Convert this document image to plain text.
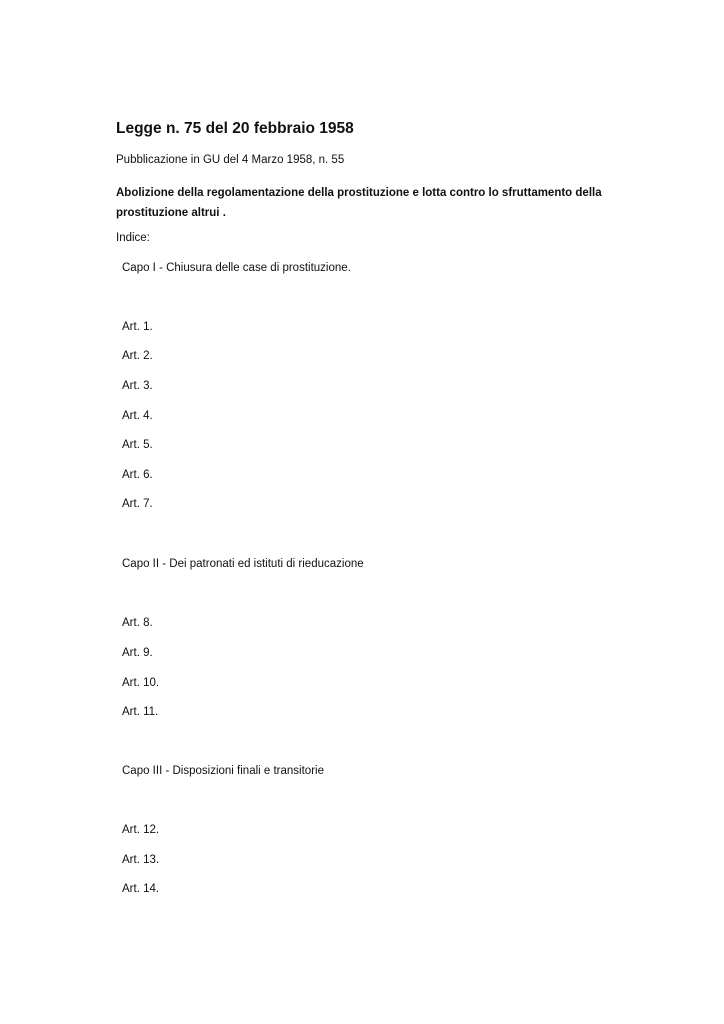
Legge n. 75 del 20 febbraio 1958

Pubblicazione in GU del 4 Marzo 1958, n. 55

Abolizione della regolamentazione della prostituzione e lotta contro lo sfruttamento della prostituzione altrui .

Indice:

Capo I - Chiusura delle case di prostituzione.

Art. 1.

Art. 2.

Art. 3.

Art. 4.

Art. 5.

Art. 6.

Art. 7.

Capo II - Dei patronati ed istituti di rieducazione

Art. 8.

Art. 9.

Art. 10.

Art. 11.

Capo III - Disposizioni finali e transitorie

Art. 12.

Art. 13.

Art. 14.
